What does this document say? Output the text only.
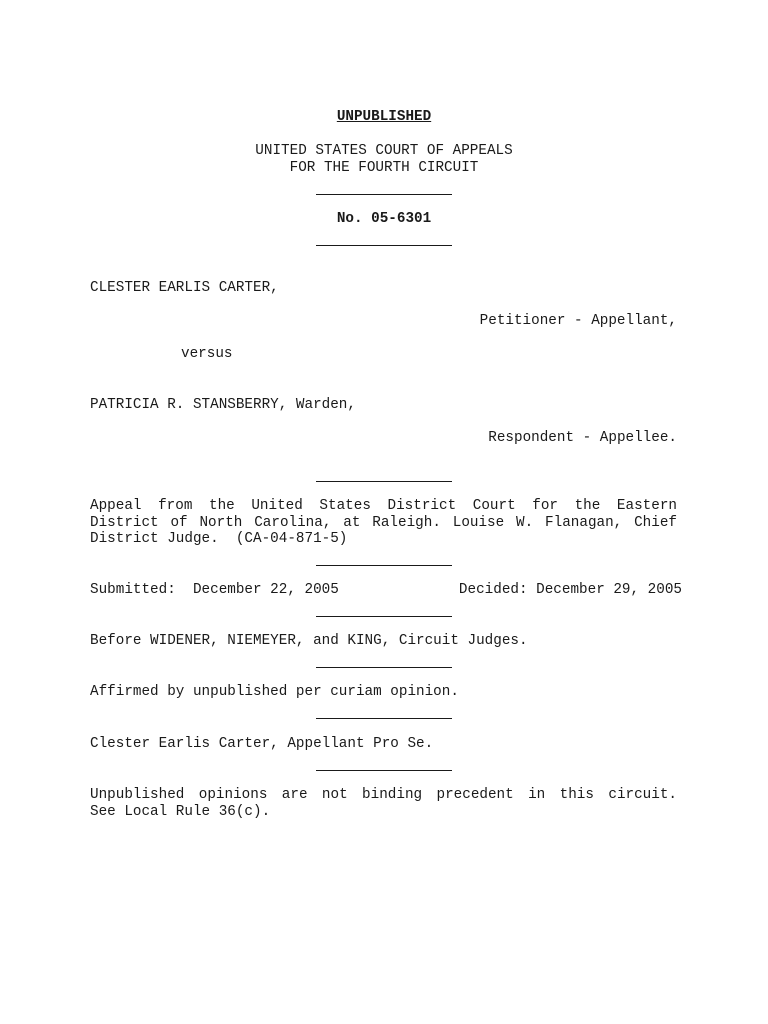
UNPUBLISHED
UNITED STATES COURT OF APPEALS
FOR THE FOURTH CIRCUIT
No. 05-6301
CLESTER EARLIS CARTER,
Petitioner - Appellant,
versus
PATRICIA R. STANSBERRY, Warden,
Respondent - Appellee.
Appeal from the United States District Court for the Eastern
District of North Carolina, at Raleigh. Louise W. Flanagan, Chief
District Judge.  (CA-04-871-5)
Submitted:  December 22, 2005	Decided: December 29, 2005
Before WIDENER, NIEMEYER, and KING, Circuit Judges.
Affirmed by unpublished per curiam opinion.
Clester Earlis Carter, Appellant Pro Se.
Unpublished opinions are not binding precedent in this circuit.
See Local Rule 36(c).
